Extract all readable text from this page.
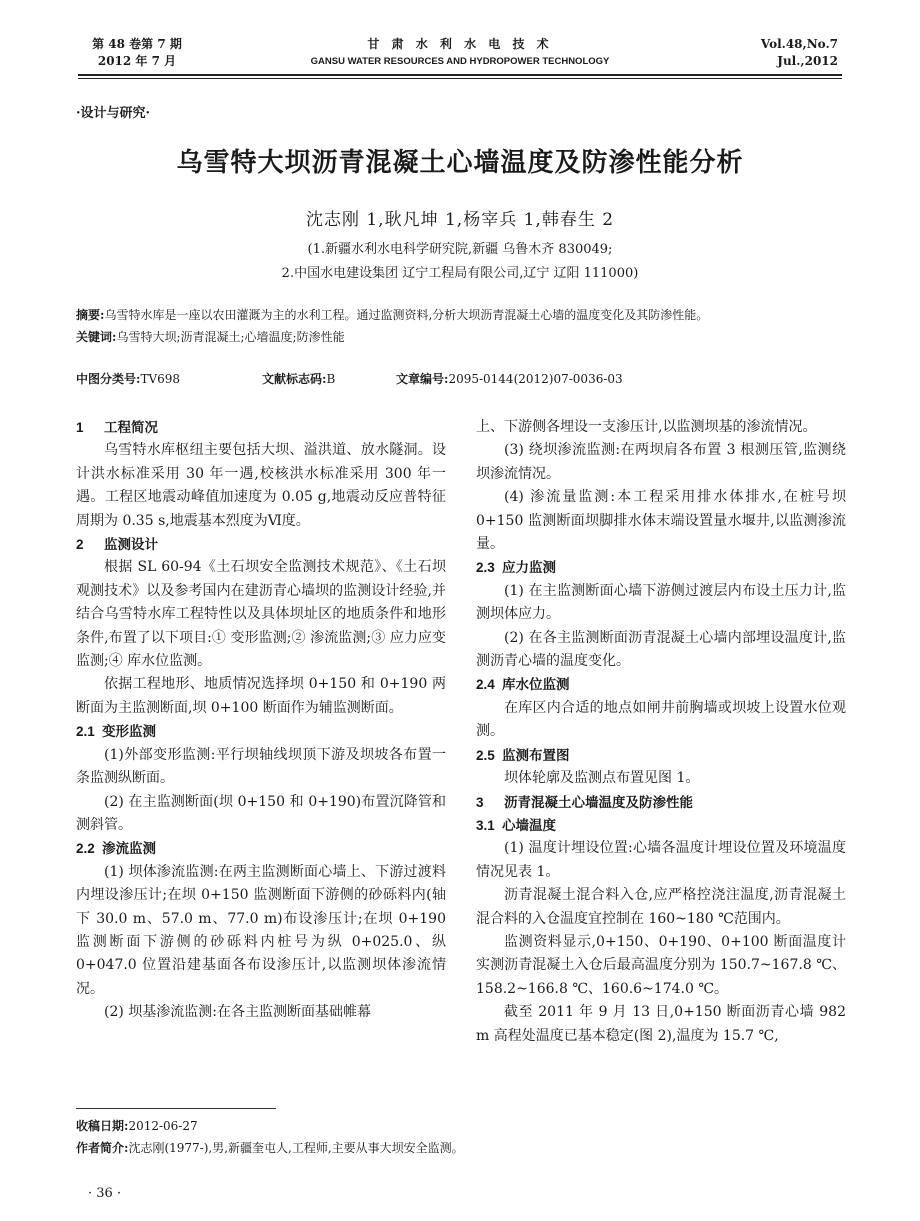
第 48 卷第 7 期
2012 年 7 月
甘 肃 水 利 水 电 技 术
GANSU WATER RESOURCES AND HYDROPOWER TECHNOLOGY
Vol.48,No.7
Jul.,2012
·设计与研究·
乌雪特大坝沥青混凝土心墙温度及防渗性能分析
沈志刚 1,耿凡坤 1,杨宰兵 1,韩春生 2
(1.新疆水利水电科学研究院,新疆 乌鲁木齐 830049;
2.中国水电建设集团 辽宁工程局有限公司,辽宁 辽阳 111000)
摘要:乌雪特水库是一座以农田灌溉为主的水利工程。通过监测资料,分析大坝沥青混凝土心墙的温度变化及其防渗性能。
关键词:乌雪特大坝;沥青混凝土;心墙温度;防渗性能
中图分类号:TV698	文献标志码:B	文章编号:2095-0144(2012)07-0036-03
1 工程简况

乌雪特水库枢纽主要包括大坝、溢洪道、放水隧洞。设计洪水标准采用 30 年一遇,校核洪水标准采用 300 年一遇。工程区地震动峰值加速度为 0.05 g,地震动反应普特征周期为 0.35 s,地震基本烈度为Ⅵ度。

2 监测设计

根据 SL 60-94《土石坝安全监测技术规范》、《土石坝观测技术》以及参考国内在建沥青心墙坝的监测设计经验,并结合乌雪特水库工程特性以及具体坝址区的地质条件和地形条件,布置了以下项目:① 变形监测;② 渗流监测;③ 应力应变监测;④ 库水位监测。

依据工程地形、地质情况选择坝 0+150 和 0+190 两断面为主监测断面,坝 0+100 断面作为辅监测断面。

2.1 变形监测

(1)外部变形监测:平行坝轴线坝顶下游及坝坡各布置一条监测纵断面。

(2) 在主监测断面(坝 0+150 和 0+190)布置沉降管和测斜管。

2.2 渗流监测

(1) 坝体渗流监测:在两主监测断面心墙上、下游过渡料内埋设渗压计;在坝 0+150 监测断面下游侧的砂砾料内(轴下 30.0 m、57.0 m、77.0 m)布设渗压计;在坝 0+190 监测断面下游侧的砂砾料内桩号为纵 0+025.0、纵 0+047.0 位置沿建基面各布设渗压计,以监测坝体渗流情况。

(2) 坝基渗流监测:在各主监测断面基础帷幕

上、下游侧各埋设一支渗压计,以监测坝基的渗流情况。

(3) 绕坝渗流监测:在两坝肩各布置 3 根测压管,监测绕坝渗流情况。

(4) 渗流量监测:本工程采用排水体排水,在桩号坝 0+150 监测断面坝脚排水体末端设置量水堰井,以监测渗流量。

2.3 应力监测

(1) 在主监测断面心墙下游侧过渡层内布设土压力计,监测坝体应力。

(2) 在各主监测断面沥青混凝土心墙内部埋设温度计,监测沥青心墙的温度变化。

2.4 库水位监测

在库区内合适的地点如闸井前胸墙或坝坡上设置水位观测。

2.5 监测布置图

坝体轮廓及监测点布置见图 1。

3 沥青混凝土心墙温度及防渗性能
3.1 心墙温度

(1) 温度计埋设位置:心墙各温度计埋设位置及环境温度情况见表 1。

沥青混凝土混合料入仓,应严格控浇注温度,沥青混凝土混合料的入仓温度宜控制在 160~180 ℃范围内。

监测资料显示,0+150、0+190、0+100 断面温度计实测沥青混凝土入仓后最高温度分别为 150.7~167.8 ℃、158.2~166.8 ℃、160.6~174.0 ℃。

截至 2011 年 9 月 13 日,0+150 断面沥青心墙 982 m 高程处温度已基本稳定(图 2),温度为 15.7 ℃,

收稿日期:2012-06-27
作者简介:沈志刚(1977-),男,新疆奎屯人,工程师,主要从事大坝安全监测。
· 36 ·
